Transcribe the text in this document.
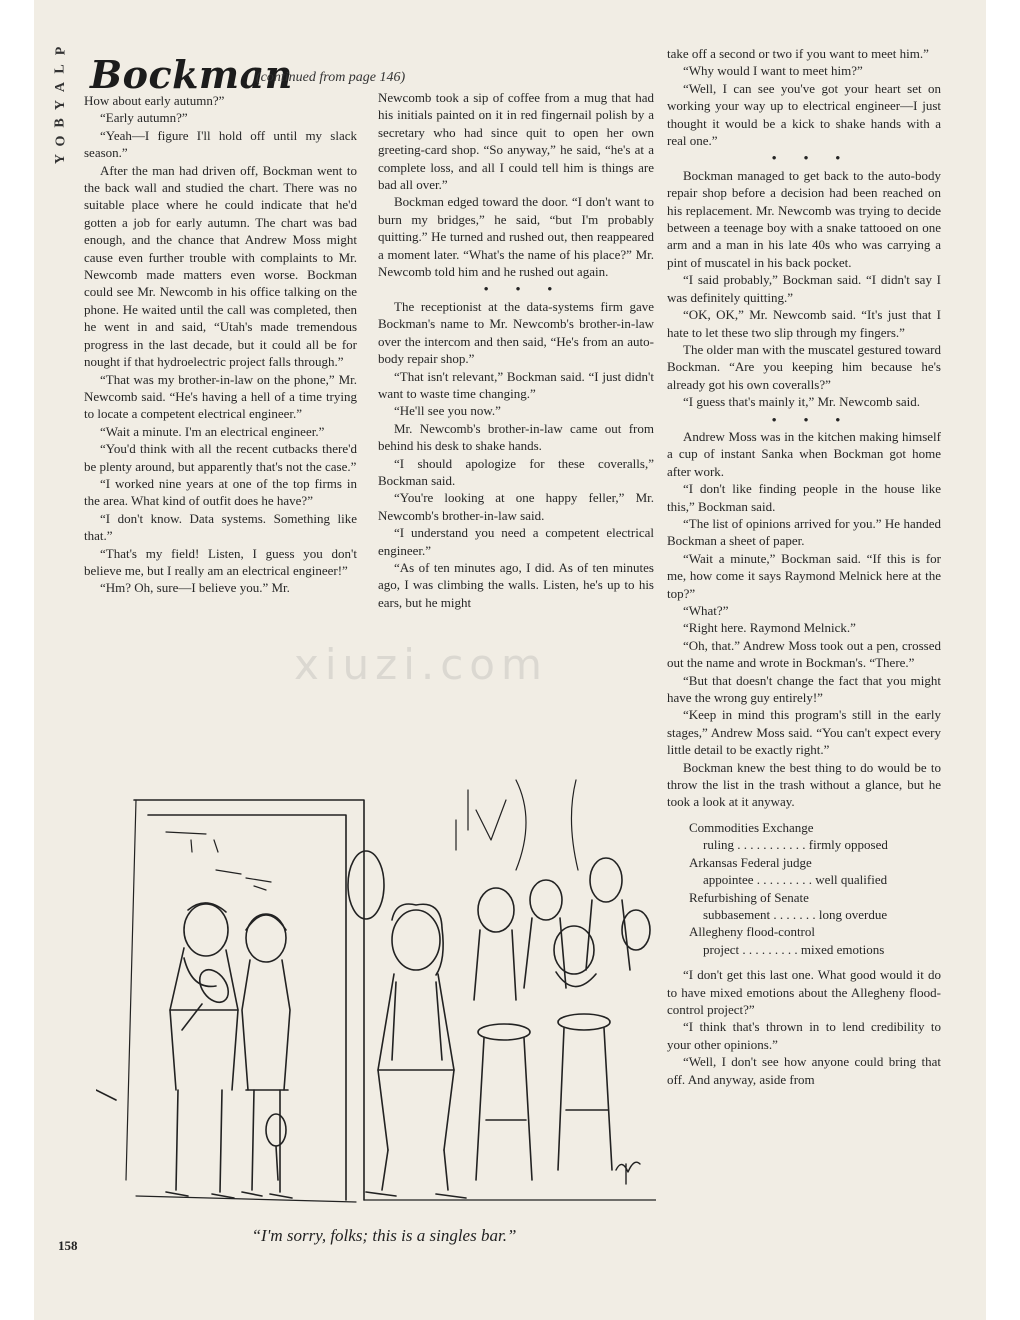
P
L
A
Y
B
O
Y
Bockman
(continued from page 146)

How about early autumn?”

“Early autumn?”

“Yeah—I figure I'll hold off until my slack season.”

After the man had driven off, Bockman went to the back wall and studied the chart. There was no suitable place where he could indicate that he'd gotten a job for early autumn. The chart was bad enough, and the chance that Andrew Moss might cause even further trouble with complaints to Mr. Newcomb made matters even worse. Bockman could see Mr. Newcomb in his office talking on the phone. He waited until the call was completed, then he went in and said, “Utah's made tremendous progress in the last decade, but it could all be for nought if that hydroelectric project falls through.”

“That was my brother-in-law on the phone,” Mr. Newcomb said. “He's having a hell of a time trying to locate a competent electrical engineer.”

“Wait a minute. I'm an electrical engineer.”

“You'd think with all the recent cutbacks there'd be plenty around, but apparently that's not the case.”

“I worked nine years at one of the top firms in the area. What kind of outfit does he have?”

“I don't know. Data systems. Something like that.”

“That's my field! Listen, I guess you don't believe me, but I really am an electrical engineer!”

“Hm? Oh, sure—I believe you.” Mr.

Newcomb took a sip of coffee from a mug that had his initials painted on it in red fingernail polish by a secretary who had since quit to open her own greeting-card shop. “So anyway,” he said, “he's at a complete loss, and all I could tell him is things are bad all over.”

Bockman edged toward the door. “I don't want to burn my bridges,” he said, “but I'm probably quitting.” He turned and rushed out, then reappeared a moment later. “What's the name of his place?” Mr. Newcomb told him and he rushed out again.

• • •

The receptionist at the data-systems firm gave Bockman's name to Mr. Newcomb's brother-in-law over the intercom and then said, “He's from an auto-body repair shop.”

“That isn't relevant,” Bockman said. “I just didn't want to waste time changing.”

“He'll see you now.”

Mr. Newcomb's brother-in-law came out from behind his desk to shake hands.

“I should apologize for these coveralls,” Bockman said.

“You're looking at one happy feller,” Mr. Newcomb's brother-in-law said.

“I understand you need a competent electrical engineer.”

“As of ten minutes ago, I did. As of ten minutes ago, I was climbing the walls. Listen, he's up to his ears, but he might

take off a second or two if you want to meet him.”

“Why would I want to meet him?”

“Well, I can see you've got your heart set on working your way up to electrical engineer—I just thought it would be a kick to shake hands with a real one.”

• • •

Bockman managed to get back to the auto-body repair shop before a decision had been reached on his replacement. Mr. Newcomb was trying to decide between a teenage boy with a snake tattooed on one arm and a man in his late 40s who was carrying a pint of muscatel in his back pocket.

“I said probably,” Bockman said. “I didn't say I was definitely quitting.”

“OK, OK,” Mr. Newcomb said. “It's just that I hate to let these two slip through my fingers.”

The older man with the muscatel gestured toward Bockman. “Are you keeping him because he's already got his own coveralls?”

“I guess that's mainly it,” Mr. Newcomb said.

• • •

Andrew Moss was in the kitchen making himself a cup of instant Sanka when Bockman got home after work.

“I don't like finding people in the house like this,” Bockman said.

“The list of opinions arrived for you.” He handed Bockman a sheet of paper.

“Wait a minute,” Bockman said. “If this is for me, how come it says Raymond Melnick here at the top?”

“What?”

“Right here. Raymond Melnick.”

“Oh, that.” Andrew Moss took out a pen, crossed out the name and wrote in Bockman's. “There.”

“But that doesn't change the fact that you might have the wrong guy entirely!”

“Keep in mind this program's still in the early stages,” Andrew Moss said. “You can't expect every little detail to be exactly right.”

Bockman knew the best thing to do would be to throw the list in the trash without a glance, but he took a look at it anyway.

Commodities Exchange

ruling . . . . . . . . . . . firmly opposed

Arkansas Federal judge

appointee . . . . . . . . . well qualified

Refurbishing of Senate

subbasement . . . . . . . long overdue

Allegheny flood-control

project . . . . . . . . . mixed emotions

“I don't get this last one. What good would it do to have mixed emotions about the Allegheny flood-control project?”

“I think that's thrown in to lend credibility to your other opinions.”

“Well, I don't see how anyone could bring that off. And anyway, aside from

xiuzi.com
“I'm sorry, folks; this is a singles bar.”
158
